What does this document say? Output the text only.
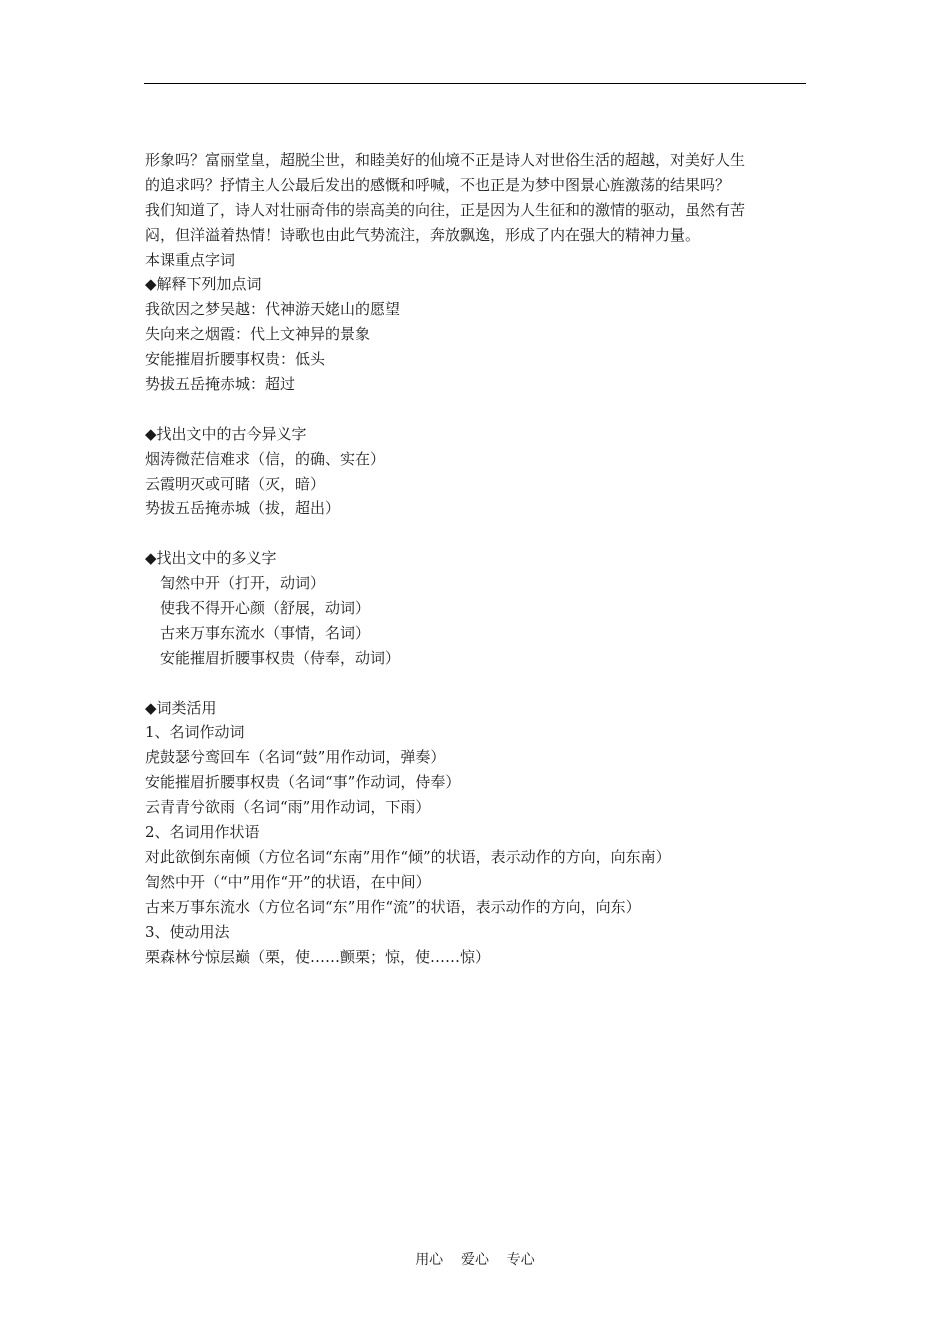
形象吗？富丽堂皇，超脱尘世，和睦美好的仙境不正是诗人对世俗生活的超越，对美好人生
的追求吗？抒情主人公最后发出的感慨和呼喊，不也正是为梦中图景心旌激荡的结果吗？
我们知道了，诗人对壮丽奇伟的崇高美的向往，正是因为人生征和的激情的驱动，虽然有苦
闷，但洋溢着热情！诗歌也由此气势流注，奔放飘逸，形成了内在强大的精神力量。
本课重点字词
◆解释下列加点词
我欲因之梦吴越：代神游天姥山的愿望
失向来之烟霞：代上文神异的景象
安能摧眉折腰事权贵：低头
势拔五岳掩赤城：超过
◆找出文中的古今异义字
烟涛微茫信难求（信，的确、实在）
云霞明灭或可睹（灭，暗）
势拔五岳掩赤城（拔，超出）
◆找出文中的多义字
訇然中开（打开，动词）
使我不得开心颜（舒展，动词）
古来万事东流水（事情，名词）
安能摧眉折腰事权贵（侍奉，动词）
◆词类活用
1、名词作动词
虎鼓瑟兮鸾回车（名词“鼓”用作动词，弹奏）
安能摧眉折腰事权贵（名词“事”作动词，侍奉）
云青青兮欲雨（名词“雨”用作动词，下雨）
2、名词用作状语
对此欲倒东南倾（方位名词“东南”用作“倾”的状语，表示动作的方向，向东南）
訇然中开（“中”用作“开”的状语，在中间）
古来万事东流水（方位名词“东”用作“流”的状语，表示动作的方向，向东）
3、使动用法
栗森林兮惊层巅（栗，使……颤栗；惊，使……惊）
用心    爱心    专心
